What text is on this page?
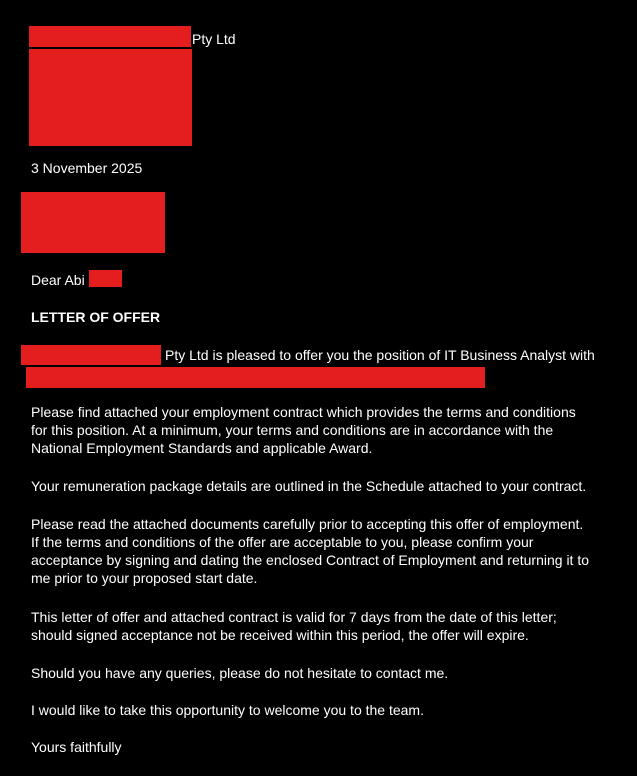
Pty Ltd
3 November 2025
Dear Abi
LETTER OF OFFER
Pty Ltd is pleased to offer you the position of IT Business Analyst with

Please find attached your employment contract which provides the terms and conditions

for this position. At a minimum, your terms and conditions are in accordance with the

National Employment Standards and applicable Award.

Your remuneration package details are outlined in the Schedule attached to your contract.

Please read the attached documents carefully prior to accepting this offer of employment.

If the terms and conditions of the offer are acceptable to you, please confirm your

acceptance by signing and dating the enclosed Contract of Employment and returning it to

me prior to your proposed start date.

This letter of offer and attached contract is valid for 7 days from the date of this letter;

should signed acceptance not be received within this period, the offer will expire.

Should you have any queries, please do not hesitate to contact me.

I would like to take this opportunity to welcome you to the team.

Yours faithfully
